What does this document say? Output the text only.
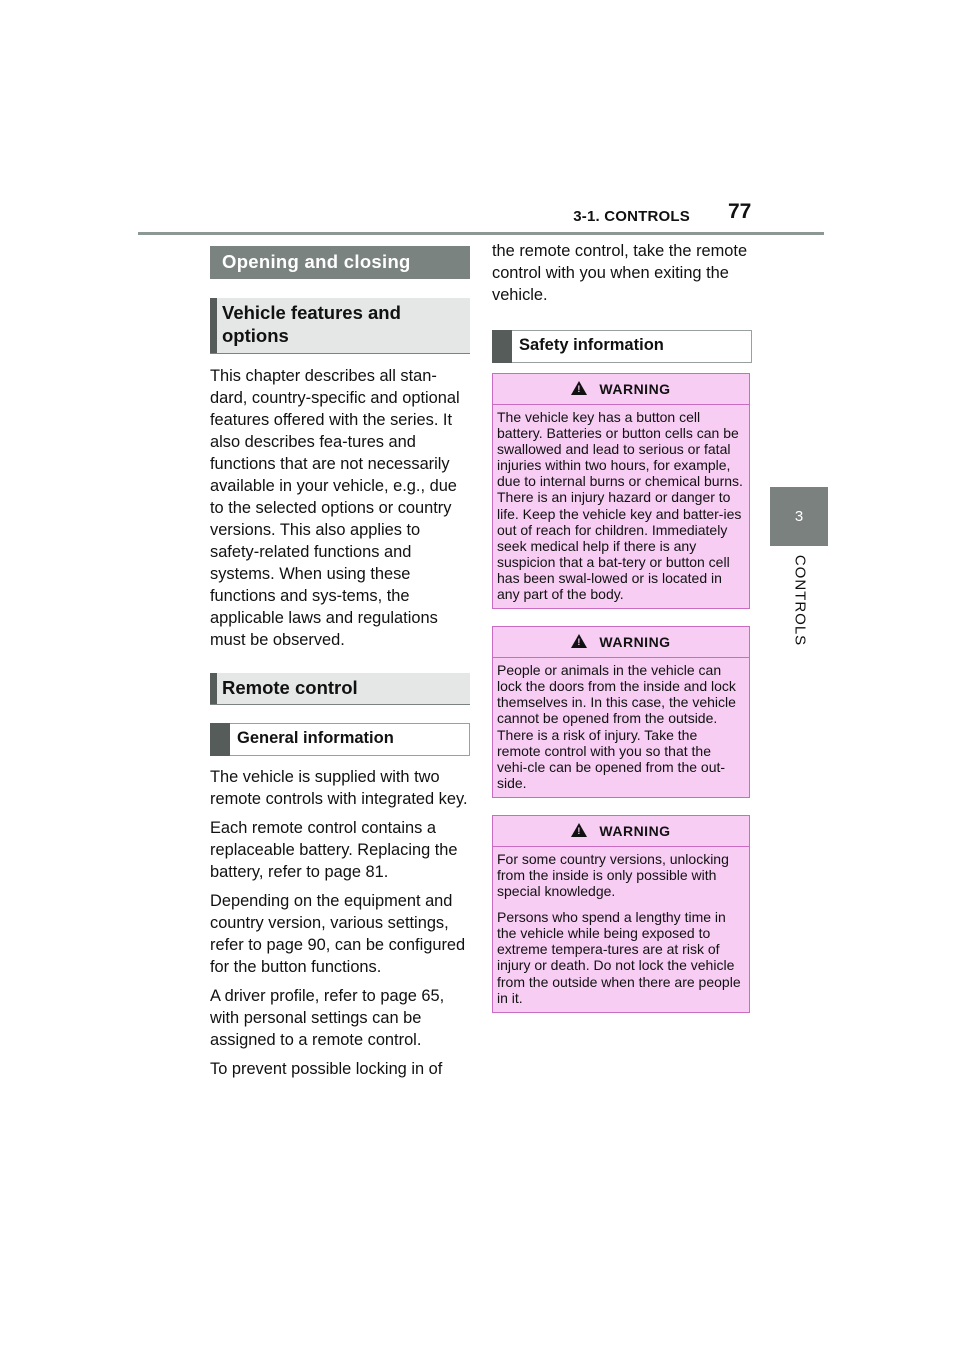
3-1. CONTROLS 77
3
CONTROLS
Opening and closing
Vehicle features and options

This chapter describes all stan-dard, country-specific and optional features offered with the series. It also describes fea-tures and functions that are not necessarily available in your vehicle, e.g., due to the selected options or country versions. This also applies to safety-related functions and systems. When using these functions and sys-tems, the applicable laws and regulations must be observed.

Remote control
General information

The vehicle is supplied with two remote controls with integrated key.

Each remote control contains a replaceable battery. Replacing the battery, refer to page 81.

Depending on the equipment and country version, various settings, refer to page 90, can be configured for the button functions.

A driver profile, refer to page 65, with personal settings can be assigned to a remote control.

To prevent possible locking in of

the remote control, take the remote control with you when exiting the vehicle.

Safety information
!WARNING

The vehicle key has a button cell battery. Batteries or button cells can be swallowed and lead to serious or fatal injuries within two hours, for example, due to internal burns or chemical burns. There is an injury hazard or danger to life. Keep the vehicle key and batter-ies out of reach for children. Immediately seek medical help if there is any suspicion that a bat-tery or button cell has been swal-lowed or is located in any part of the body.

!WARNING

People or animals in the vehicle can lock the doors from the inside and lock themselves in. In this case, the vehicle cannot be opened from the outside. There is a risk of injury. Take the remote control with you so that the vehi-cle can be opened from the out-side.

!WARNING

For some country versions, unlocking from the inside is only possible with special knowledge.

Persons who spend a lengthy time in the vehicle while being exposed to extreme tempera-tures are at risk of injury or death. Do not lock the vehicle from the outside when there are people in it.
